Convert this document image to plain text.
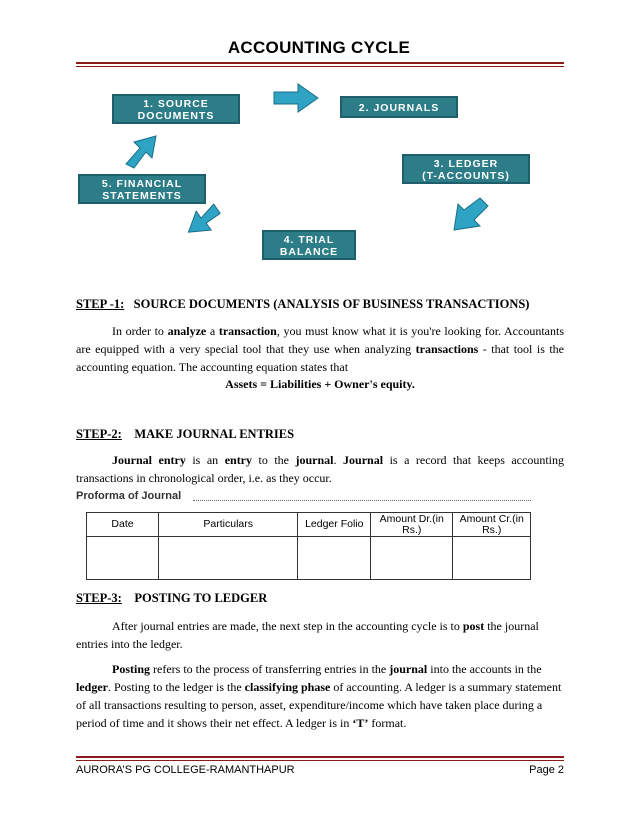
ACCOUNTING CYCLE
1. SOURCE
DOCUMENTS
2. JOURNALS
3. LEDGER
(T-ACCOUNTS)
4. TRIAL
BALANCE
5. FINANCIAL
STATEMENTS
STEP -1: SOURCE DOCUMENTS (ANALYSIS OF BUSINESS TRANSACTIONS)
In order to analyze a transaction, you must know what it is you're looking for. Accountants are equipped with a very special tool that they use when analyzing transactions - that tool is the accounting equation. The accounting equation states that
Assets = Liabilities + Owner's equity.
STEP-2: MAKE JOURNAL ENTRIES
Journal entry is an entry to the journal. Journal is a record that keeps accounting transactions in chronological order, i.e. as they occur.
Proforma of Journal
Date	Particulars	Ledger Folio	Amount Dr.(in Rs.)	Amount Cr.(in Rs.)

STEP-3: POSTING TO LEDGER
After journal entries are made, the next step in the accounting cycle is to post the journal entries into the ledger.
Posting refers to the process of transferring entries in the journal into the accounts in the ledger. Posting to the ledger is the classifying phase of accounting. A ledger is a summary statement of all transactions resulting to person, asset, expenditure/income which have taken place during a period of time and it shows their net effect. A ledger is in ‘T’ format.
AURORA’S PG COLLEGE-RAMANTHAPUR	Page 2
